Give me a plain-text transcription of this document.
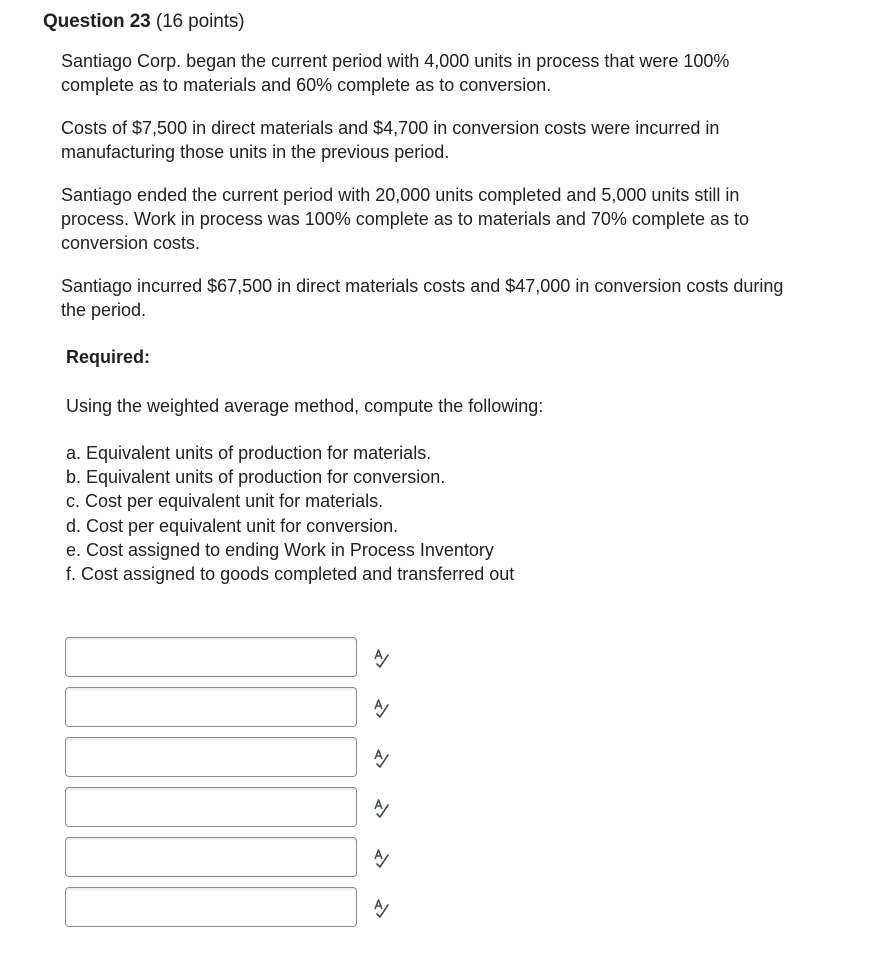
Question 23 (16 points)

Santiago Corp. began the current period with 4,000 units in process that were 100% complete as to materials and 60% complete as to conversion.

Costs of $7,500 in direct materials and $4,700 in conversion costs were incurred in manufacturing those units in the previous period.

Santiago ended the current period with 20,000 units completed and 5,000 units still in process. Work in process was 100% complete as to materials and 70% complete as to conversion costs.

Santiago incurred $67,500 in direct materials costs and $47,000 in conversion costs during the period.

Required:
Using the weighted average method, compute the following:
a. Equivalent units of production for materials.
b. Equivalent units of production for conversion.
c. Cost per equivalent unit for materials.
d. Cost per equivalent unit for conversion.
e. Cost assigned to ending Work in Process Inventory
f. Cost assigned to goods completed and transferred out
